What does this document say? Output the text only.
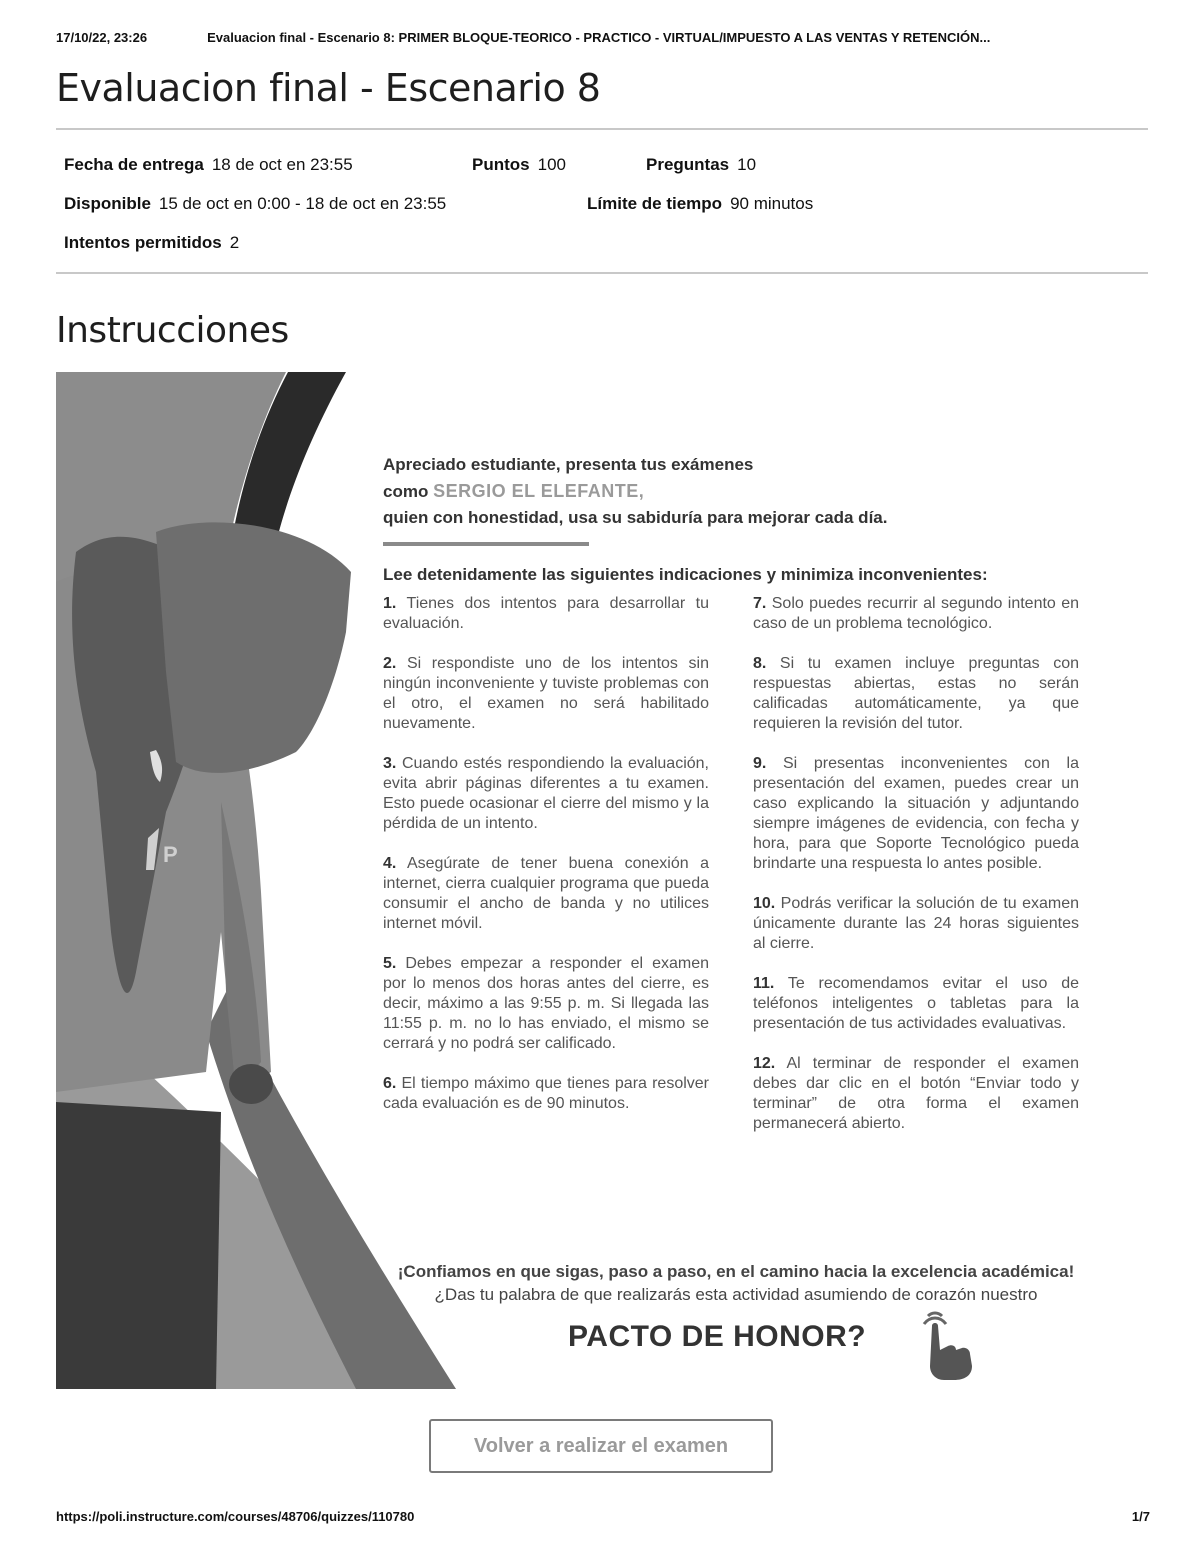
17/10/22, 23:26	Evaluacion final - Escenario 8: PRIMER BLOQUE-TEORICO - PRACTICO - VIRTUAL/IMPUESTO A LAS VENTAS Y RETENCIÓN...
Evaluacion final - Escenario 8
Fecha de entrega 18 de oct en 23:55	Puntos 100	Preguntas 10
Disponible 15 de oct en 0:00 - 18 de oct en 23:55	Límite de tiempo 90 minutos
Intentos permitidos 2
Instrucciones
P
Apreciado estudiante, presenta tus exámenes
como SERGIO EL ELEFANTE,
quien con honestidad, usa su sabiduría para mejorar cada día.
Lee detenidamente las siguientes indicaciones y minimiza inconvenientes:
1. Tienes dos intentos para desarrollar tu evaluación.
2. Si respondiste uno de los intentos sin ningún inconveniente y tuviste problemas con el otro, el examen no será habilitado nuevamente.
3. Cuando estés respondiendo la evaluación, evita abrir páginas diferentes a tu examen. Esto puede ocasionar el cierre del mismo y la pérdida de un intento.
4. Asegúrate de tener buena conexión a internet, cierra cualquier programa que pueda consumir el ancho de banda y no utilices internet móvil.
5. Debes empezar a responder el examen por lo menos dos horas antes del cierre, es decir, máximo a las 9:55 p. m. Si llegada las 11:55 p. m. no lo has enviado, el mismo se cerrará y no podrá ser calificado.
6. El tiempo máximo que tienes para resolver cada evaluación es de 90 minutos.
7. Solo puedes recurrir al segundo intento en caso de un problema tecnológico.
8. Si tu examen incluye preguntas con respuestas abiertas, estas no serán calificadas automáticamente, ya que requieren la revisión del tutor.
9. Si presentas inconvenientes con la presentación del examen, puedes crear un caso explicando la situación y adjuntando siempre imágenes de evidencia, con fecha y hora, para que Soporte Tecnológico pueda brindarte una respuesta lo antes posible.
10. Podrás verificar la solución de tu examen únicamente durante las 24 horas siguientes al cierre.
11. Te recomendamos evitar el uso de teléfonos inteligentes o tabletas para la presentación de tus actividades evaluativas.
12. Al terminar de responder el examen debes dar clic en el botón “Enviar todo y terminar” de otra forma el examen permanecerá abierto.
¡Confiamos en que sigas, paso a paso, en el camino hacia la excelencia académica!
¿Das tu palabra de que realizarás esta actividad asumiendo de corazón nuestro
PACTO DE HONOR?
Volver a realizar el examen
https://poli.instructure.com/courses/48706/quizzes/110780	1/7
